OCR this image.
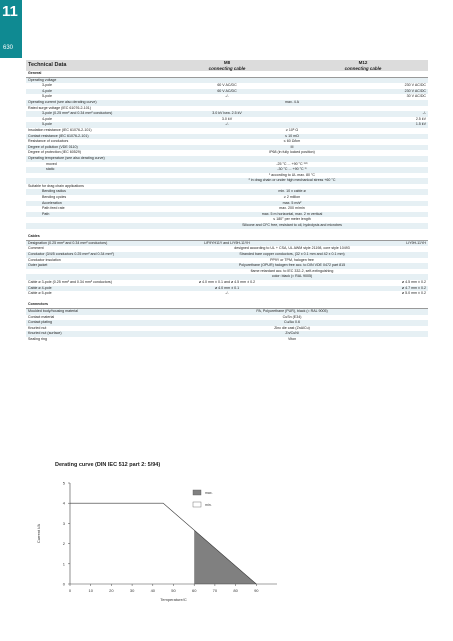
11
630
Technical Data	M8
connecting cable	M12
connecting cable
General		
Operating voltage		
3-pole	60 V AC/DC	230 V AC/DC
4-pole	60 V AC/DC	230 V AC/DC
5-pole	-/-	30 V AC/DC
Operating current (see also derating curve)	max. 4 A	
Rated surge voltage (IEC 61076-2-101)		
3-pole (0.25 mm² and 0.34 mm² conductors)	3.0 kV bzw. 2.5 kV	-/-
4-pole	3.0 kV	2.5 kV
5-pole	-/-	1.5 kV
Insulation resistance (IEC 61076-2-101)	≥ 10⁸ Ω	
Contact resistance (IEC 61076-2-101)	≤ 10 mΩ	
Resistance of conductors	≤ 60 Ω/km	
Degree of pollution (VDE 0110)	III	
Degree of protection (IEC 60529)	IP68 (in fully locked position)	
Operating temperature (see also derating curve)		
moved	-25 °C ... +90 °C ¹⁾²⁾	
static	-30 °C ... +90 °C ¹⁾	
	¹ according to UL max. 80 °C	
	² in drag chain or under high mechanical stress +60 °C	
Suitable for drag chain applications		
Bending radius	min. 10 x cable ø	
Bending cycles	≥ 2 million	
Acceleration	max. 5 m/s²	
Path feed rate	max. 200 m/min	
Path	max. 5 m horizontal, max. 2 m vertical	
	≤ 180° per meter length	
	Silicone and CFC free, resistant to oil, hydrolysis and microbes	

Cables		
Designation (0.25 mm² and 0.34 mm² conductors)	LiF9YH11Y and LiY9H-11YH	LiY9H-11YH
Comment	designed according to UL + CSA, UL AWM style 21198, core style 10493	
Conductor (3/4/5 conductors 0.25 mm² and 0.34 mm²)	Stranded bare copper conductors, (32 x 0.1 mm and 42 x 0.1 mm)	
Conductor insulation	PP9Y or TPM, halogen free	
Outer jacket	Polyurethane (OPUR) halogen free acc. to DIN VDE 0472 part 815	
	flame retardant acc. to IEC 332-2, self-extinguishing	
	color: black (≈ RAL 9005)	
Cable ø 3-pole (0.25 mm² and 0.34 mm² conductors)	ø 4.0 mm ± 0.1 and ø 4.5 mm ± 0.2	ø 4.5 mm ± 0.2
Cable ø 4-pole	ø 4.0 mm ± 0.1	ø 4.7 mm ± 0.2
Cable ø 5-pole	-/-	ø 5.0 mm ± 0.2

Connectors		
Moulded body/housing material	PA, Polyurethane (PUR), black (≈ RAL 9005)	
Contact material	CuSn (E34)	
Contact plating	Cu/Au 0.6	
Knurled nut	Zinc die cast (ZnAlCu)	
Knurled nut (surface)	Zn/CuNi	
Sealing ring	Viton	
Derating curve (DIN IEC 512 part 2: 5/94)
0	10	20	30	40	50	60	70	80	90
0
1
2
3
4
5
Temperature/C
Current I/A
max.
min.
